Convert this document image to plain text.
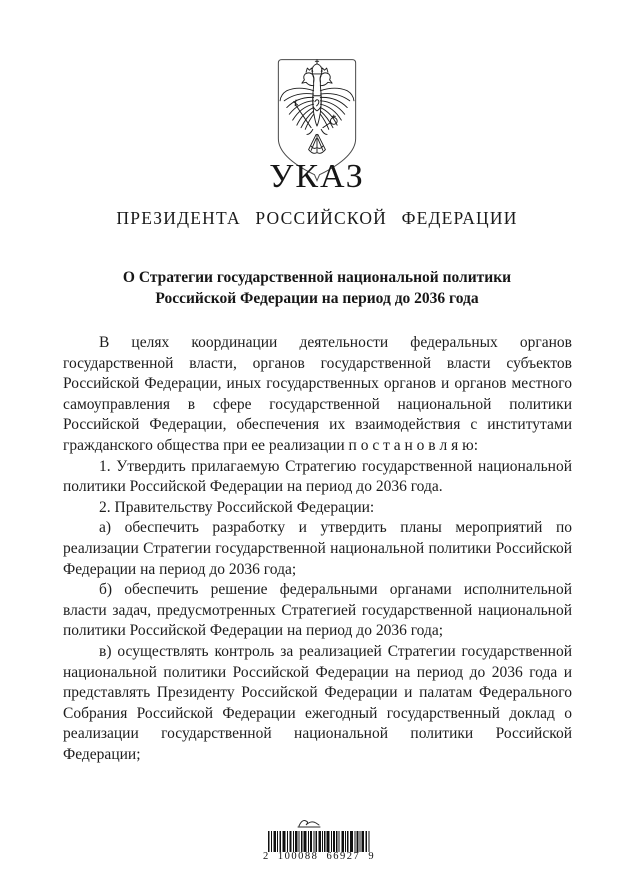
УКАЗ
ПРЕЗИДЕНТА РОССИЙСКОЙ ФЕДЕРАЦИИ
О Стратегии государственной национальной политики Российской Федерации на период до 2036 года

В целях координации деятельности федеральных органов государственной власти, органов государственной власти субъектов Российской Федерации, иных государственных органов и органов местного самоуправления в сфере государственной национальной политики Российской Федерации, обеспечения их взаимодействия с институтами гражданского общества при ее реализации п о с т а н о в л я ю:

1. Утвердить прилагаемую Стратегию государственной национальной политики Российской Федерации на период до 2036 года.

2. Правительству Российской Федерации:

а) обеспечить разработку и утвердить планы мероприятий по реализации Стратегии государственной национальной политики Российской Федерации на период до 2036 года;

б) обеспечить решение федеральными органами исполнительной власти задач, предусмотренных Стратегией государственной национальной политики Российской Федерации на период до 2036 года;

в) осуществлять контроль за реализацией Стратегии государственной национальной политики Российской Федерации на период до 2036 года и представлять Президенту Российской Федерации и палатам Федерального Собрания Российской Федерации ежегодный государственный доклад о реализации государственной национальной политики Российской Федерации;

2 100088 66927 9
